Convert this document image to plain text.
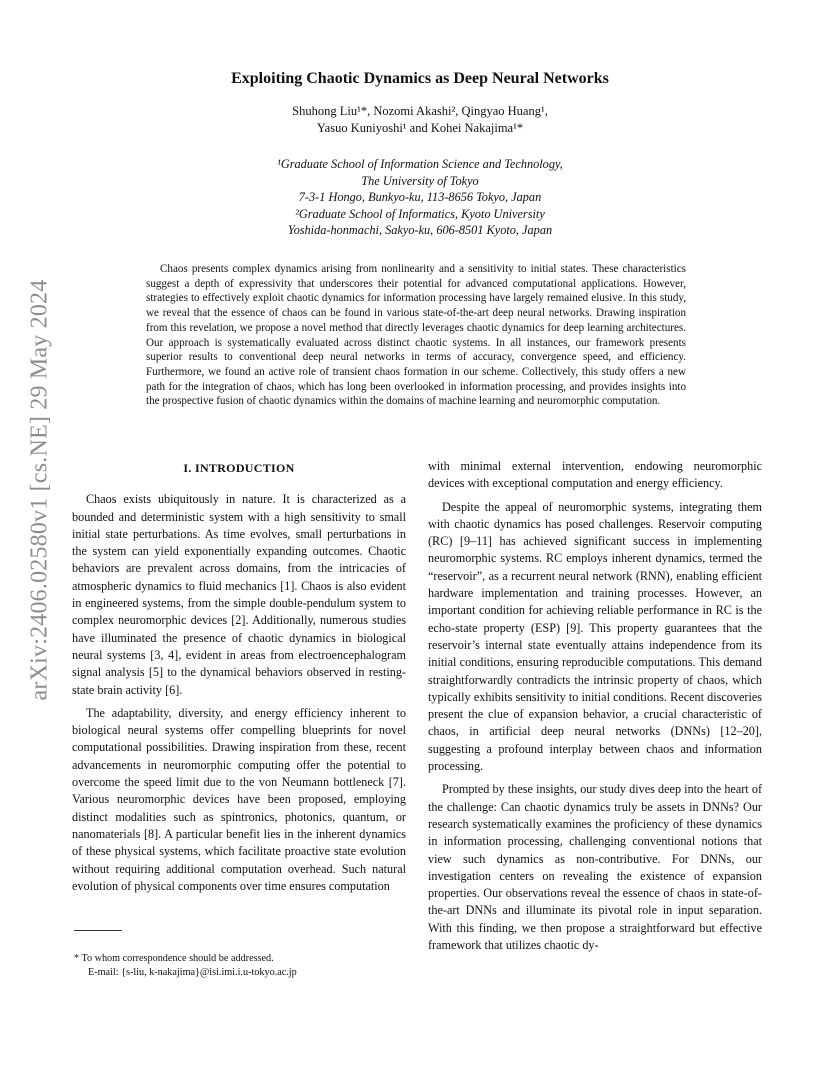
arXiv:2406.02580v1 [cs.NE] 29 May 2024
Exploiting Chaotic Dynamics as Deep Neural Networks
Shuhong Liu¹*, Nozomi Akashi², Qingyao Huang¹,
Yasuo Kuniyoshi¹ and Kohei Nakajima¹*
¹Graduate School of Information Science and Technology,
The University of Tokyo
7-3-1 Hongo, Bunkyo-ku, 113-8656 Tokyo, Japan
²Graduate School of Informatics, Kyoto University
Yoshida-honmachi, Sakyo-ku, 606-8501 Kyoto, Japan

Chaos presents complex dynamics arising from nonlinearity and a sensitivity to initial states. These characteristics suggest a depth of expressivity that underscores their potential for advanced computational applications. However, strategies to effectively exploit chaotic dynamics for information processing have largely remained elusive. In this study, we reveal that the essence of chaos can be found in various state-of-the-art deep neural networks. Drawing inspiration from this revelation, we propose a novel method that directly leverages chaotic dynamics for deep learning architectures. Our approach is systematically evaluated across distinct chaotic systems. In all instances, our framework presents superior results to conventional deep neural networks in terms of accuracy, convergence speed, and efficiency. Furthermore, we found an active role of transient chaos formation in our scheme. Collectively, this study offers a new path for the integration of chaos, which has long been overlooked in information processing, and provides insights into the prospective fusion of chaotic dynamics within the domains of machine learning and neuromorphic computation.

I. INTRODUCTION

Chaos exists ubiquitously in nature. It is characterized as a bounded and deterministic system with a high sensitivity to small initial state perturbations. As time evolves, small perturbations in the system can yield exponentially expanding outcomes. Chaotic behaviors are prevalent across domains, from the intricacies of atmospheric dynamics to fluid mechanics [1]. Chaos is also evident in engineered systems, from the simple double-pendulum system to complex neuromorphic devices [2]. Additionally, numerous studies have illuminated the presence of chaotic dynamics in biological neural systems [3, 4], evident in areas from electroencephalogram signal analysis [5] to the dynamical behaviors observed in resting-state brain activity [6].

The adaptability, diversity, and energy efficiency inherent to biological neural systems offer compelling blueprints for novel computational possibilities. Drawing inspiration from these, recent advancements in neuromorphic computing offer the potential to overcome the speed limit due to the von Neumann bottleneck [7]. Various neuromorphic devices have been proposed, employing distinct modalities such as spintronics, photonics, quantum, or nanomaterials [8]. A particular benefit lies in the inherent dynamics of these physical systems, which facilitate proactive state evolution without requiring additional computation overhead. Such natural evolution of physical components over time ensures computation

with minimal external intervention, endowing neuromorphic devices with exceptional computation and energy efficiency.

Despite the appeal of neuromorphic systems, integrating them with chaotic dynamics has posed challenges. Reservoir computing (RC) [9–11] has achieved significant success in implementing neuromorphic systems. RC employs inherent dynamics, termed the “reservoir”, as a recurrent neural network (RNN), enabling efficient hardware implementation and training processes. However, an important condition for achieving reliable performance in RC is the echo-state property (ESP) [9]. This property guarantees that the reservoir’s internal state eventually attains independence from its initial conditions, ensuring reproducible computations. This demand straightforwardly contradicts the intrinsic property of chaos, which typically exhibits sensitivity to initial conditions. Recent discoveries present the clue of expansion behavior, a crucial characteristic of chaos, in artificial deep neural networks (DNNs) [12–20], suggesting a profound interplay between chaos and information processing.

Prompted by these insights, our study dives deep into the heart of the challenge: Can chaotic dynamics truly be assets in DNNs? Our research systematically examines the proficiency of these dynamics in information processing, challenging conventional notions that view such dynamics as non-contributive. For DNNs, our investigation centers on revealing the existence of expansion properties. Our observations reveal the essence of chaos in state-of-the-art DNNs and illuminate its pivotal role in input separation. With this finding, we then propose a straightforward but effective framework that utilizes chaotic dy-

* To whom correspondence should be addressed.
E-mail: {s-liu, k-nakajima}@isi.imi.i.u-tokyo.ac.jp
